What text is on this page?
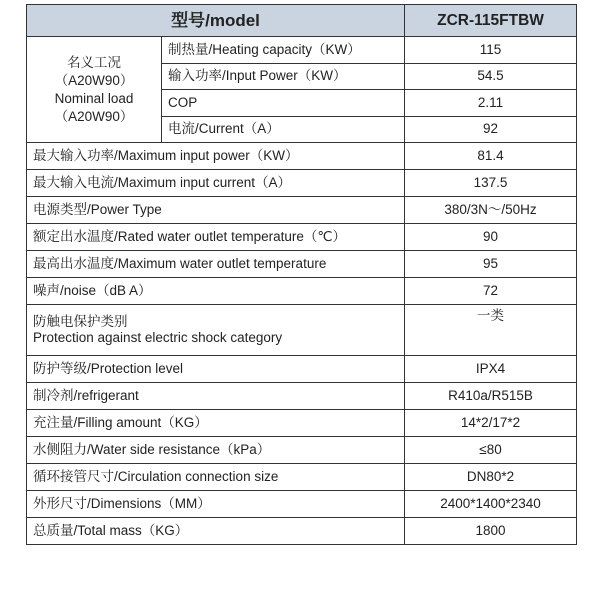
型号/model		ZCR-115FTBW

名义工况
（A20W90）
Nominal load
（A20W90）	制热量/Heating capacity（KW）	115
	输入功率/Input Power（KW）	54.5
	COP	2.11
	电流/Current（A）	92
最大输入功率/Maximum input power（KW）		81.4
最大输入电流/Maximum input current（A）		137.5
电源类型/Power Type		380/3N～/50Hz
额定出水温度/Rated water outlet temperature（℃）		90
最高出水温度/Maximum water outlet temperature		95
噪声/noise（dB A）		72

防触电保护类别
Protection against electric shock category		一类
防护等级/Protection level		IPX4
制冷剂/refrigerant		R410a/R515B
充注量/Filling amount（KG）		14*2/17*2
水侧阻力/Water side resistance（kPa）		≤80
循环接管尺寸/Circulation connection size		DN80*2
外形尺寸/Dimensions（MM）		2400*1400*2340
总质量/Total mass（KG）		1800
